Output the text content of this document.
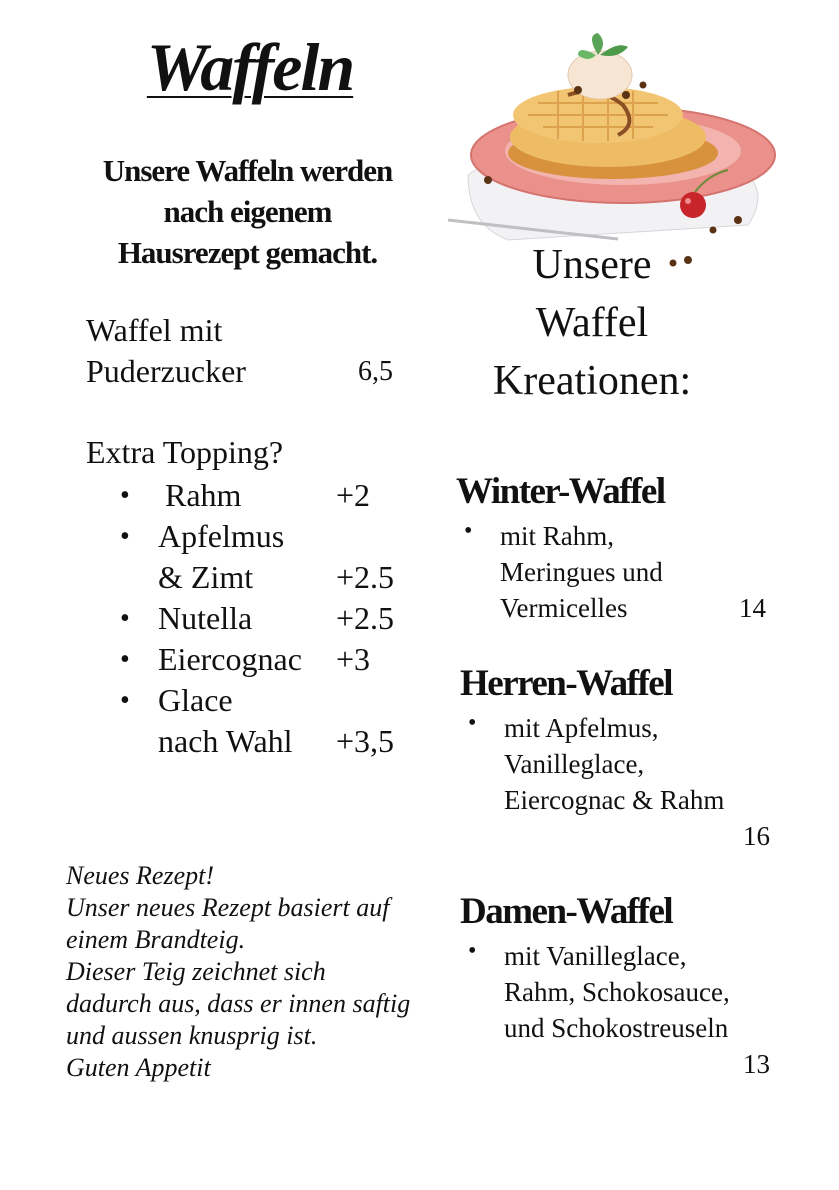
Waffeln
Unsere Waffeln werden
nach eigenem
Hausrezept gemacht.
Waffel mit
Puderzucker	6,5
Extra Topping?
• Rahm	+2
• Apfelmus
& Zimt	+2.5
• Nutella	+2.5
• Eiercognac +3
• Glace
nach Wahl +3,5
Neues Rezept!
Unser neues Rezept basiert auf
einem Brandteig.
Dieser Teig zeichnet sich
dadurch aus, dass er innen saftig
und aussen knusprig ist.
Guten Appetit
Unsere
Waffel
Kreationen:
Winter-Waffel
• mit Rahm,
Meringues und
Vermicelles	14
Herren-Waffel
• mit Apfelmus,
Vanilleglace,
Eiercognac & Rahm
16
Damen-Waffel
• mit Vanilleglace,
Rahm, Schokosauce,
und Schokostreuseln
13
